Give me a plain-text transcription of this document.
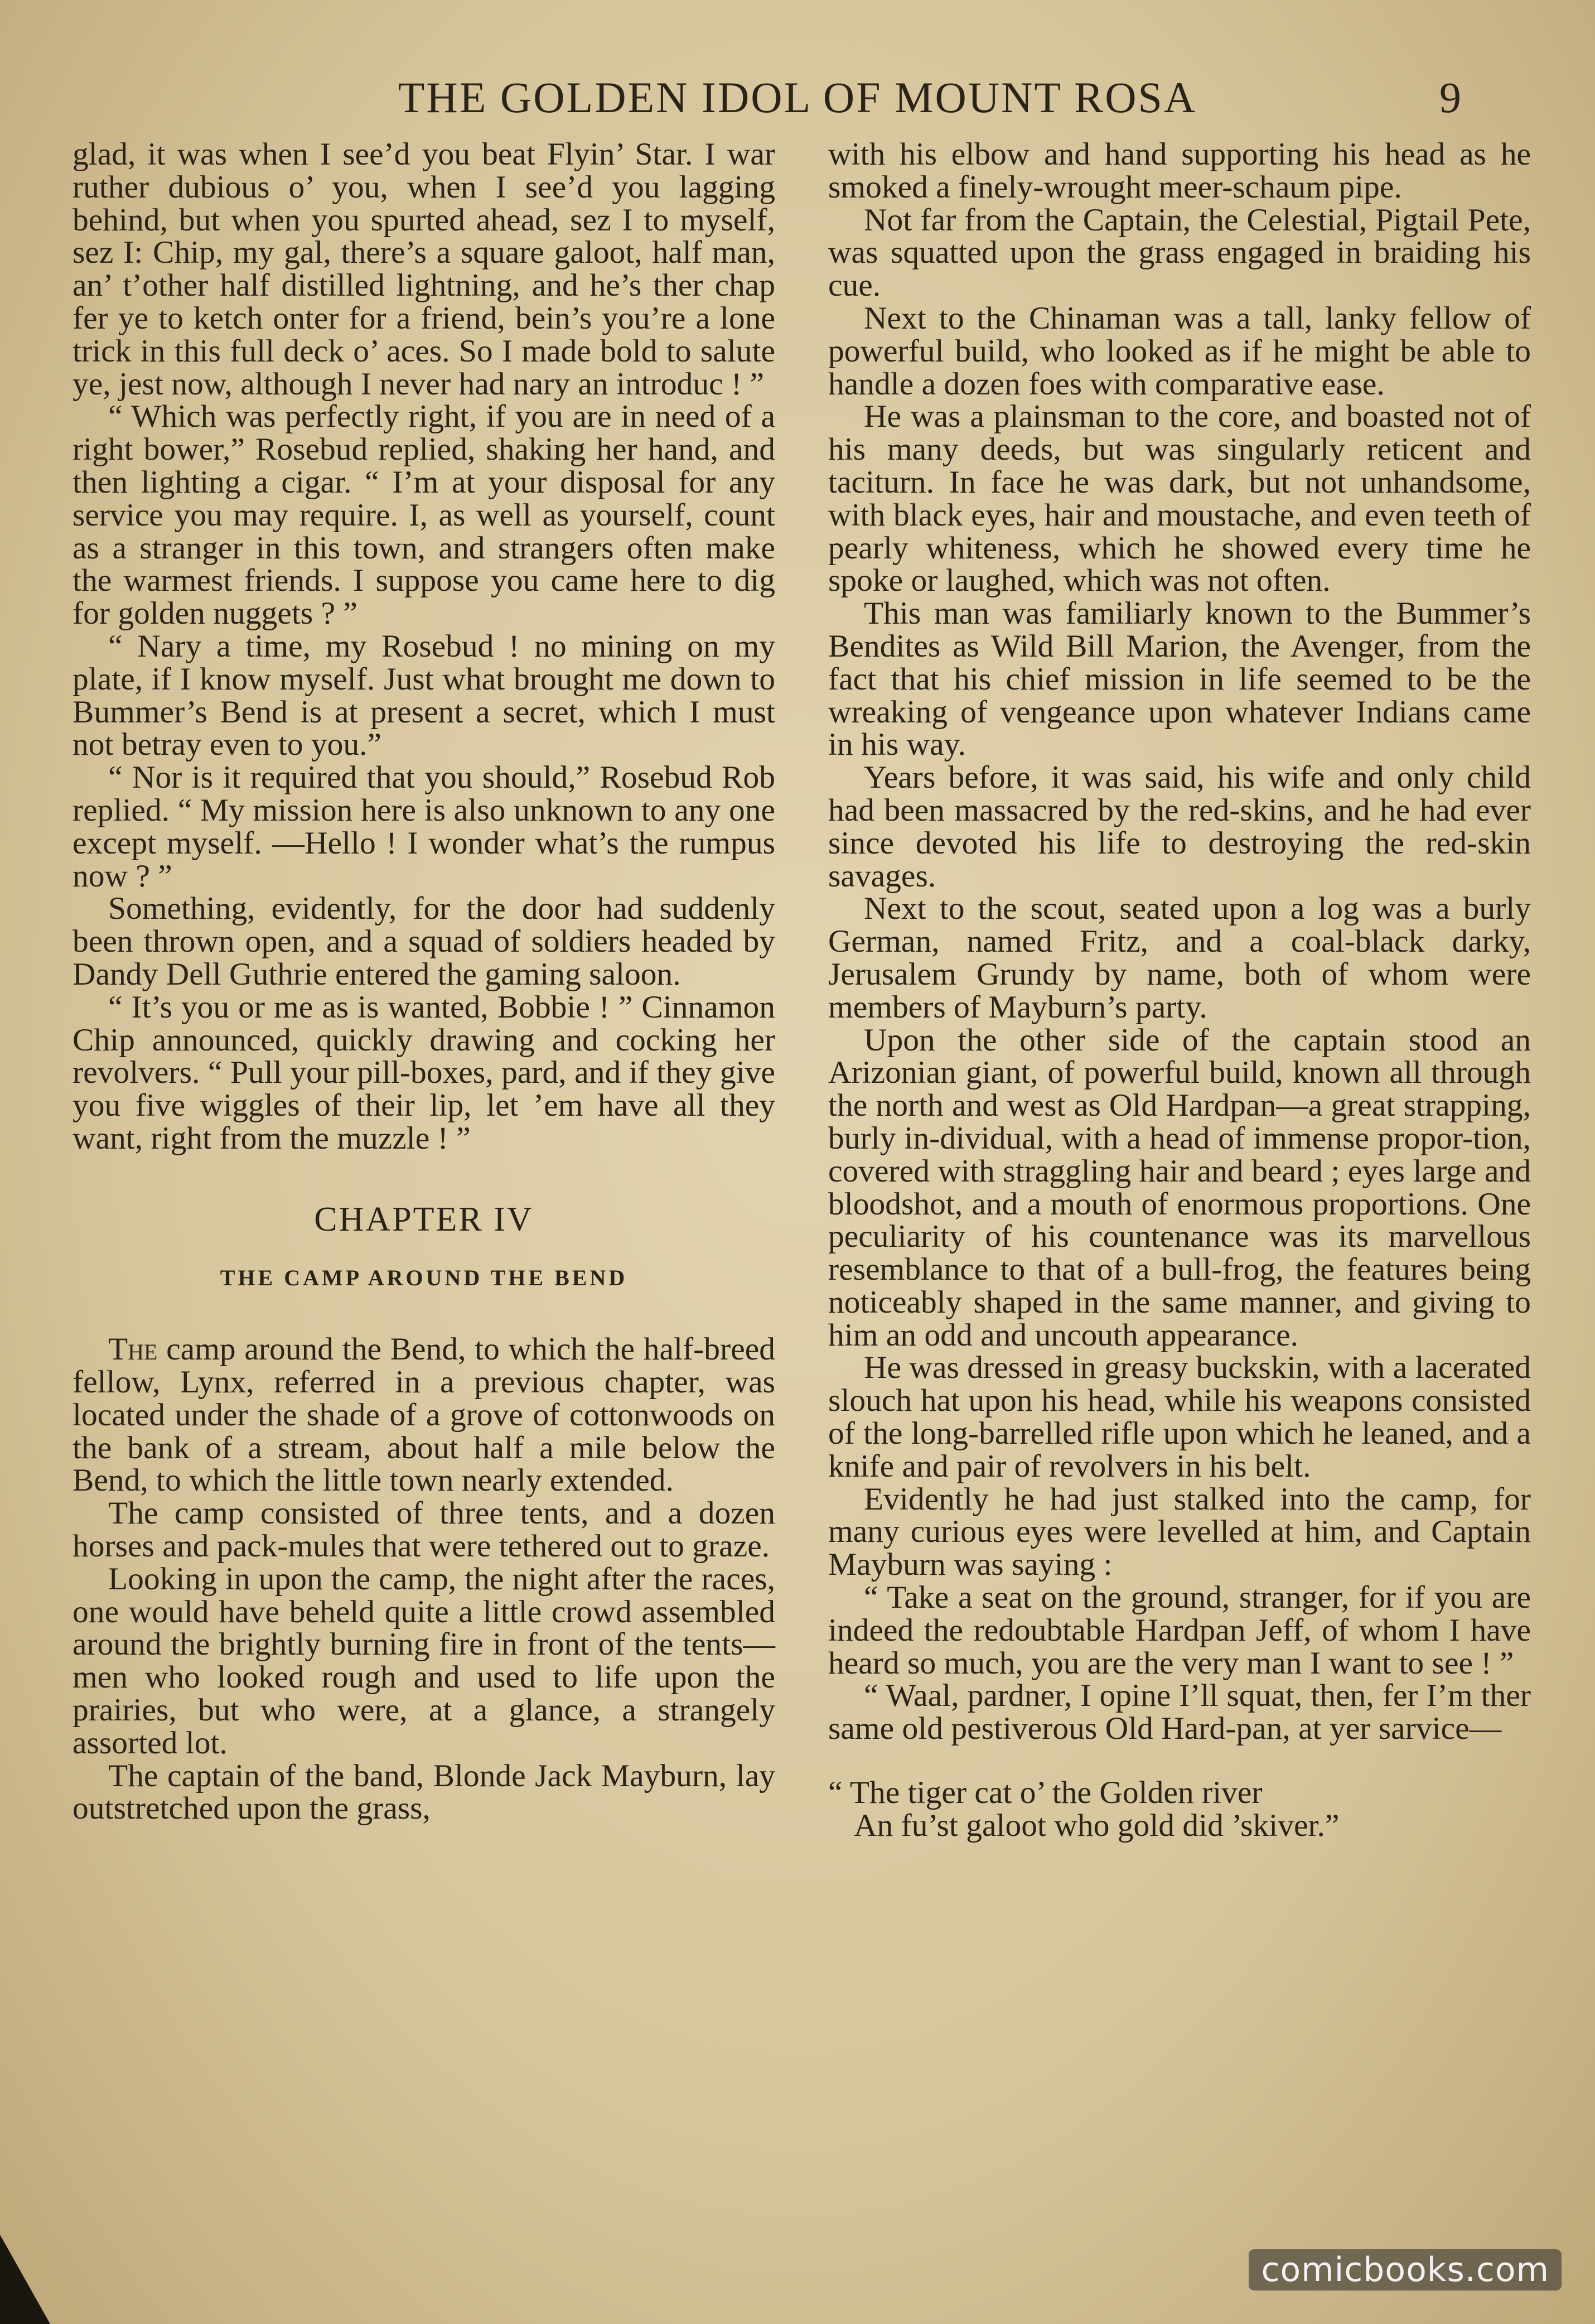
THE GOLDEN IDOL OF MOUNT ROSA	9

glad, it was when I see’d you beat Flyin’ Star. I war ruther dubious o’ you, when I see’d you lagging behind, but when you spurted ahead, sez I to myself, sez I: Chip, my gal, there’s a square galoot, half man, an’ t’other half distilled lightning, and he’s ther chap fer ye to ketch onter for a friend, bein’s you’re a lone trick in this full deck o’ aces. So I made bold to salute ye, jest now, although I never had nary an introduc ! ”

“ Which was perfectly right, if you are in need of a right bower,” Rosebud replied, shaking her hand, and then lighting a cigar. “ I’m at your disposal for any service you may require. I, as well as yourself, count as a stranger in this town, and strangers often make the warmest friends. I suppose you came here to dig for golden nuggets ? ”

“ Nary a time, my Rosebud ! no mining on my plate, if I know myself. Just what brought me down to Bummer’s Bend is at present a secret, which I must not betray even to you.”

“ Nor is it required that you should,” Rosebud Rob replied. “ My mission here is also unknown to any one except myself. —Hello ! I wonder what’s the rumpus now ? ”

Something, evidently, for the door had suddenly been thrown open, and a squad of soldiers headed by Dandy Dell Guthrie entered the gaming saloon.

“ It’s you or me as is wanted, Bobbie ! ” Cinnamon Chip announced, quickly drawing and cocking her revolvers. “ Pull your pill-boxes, pard, and if they give you five wiggles of their lip, let ’em have all they want, right from the muzzle ! ”

CHAPTER IV
THE CAMP AROUND THE BEND

The camp around the Bend, to which the half-breed fellow, Lynx, referred in a previous chapter, was located under the shade of a grove of cottonwoods on the bank of a stream, about half a mile below the Bend, to which the little town nearly extended.

The camp consisted of three tents, and a dozen horses and pack-mules that were tethered out to graze.

Looking in upon the camp, the night after the races, one would have beheld quite a little crowd assembled around the brightly burning fire in front of the tents—men who looked rough and used to life upon the prairies, but who were, at a glance, a strangely assorted lot.

The captain of the band, Blonde Jack Mayburn, lay outstretched upon the grass,

with his elbow and hand supporting his head as he smoked a finely-wrought meer-schaum pipe.

Not far from the Captain, the Celestial, Pigtail Pete, was squatted upon the grass engaged in braiding his cue.

Next to the Chinaman was a tall, lanky fellow of powerful build, who looked as if he might be able to handle a dozen foes with comparative ease.

He was a plainsman to the core, and boasted not of his many deeds, but was singularly reticent and taciturn. In face he was dark, but not unhandsome, with black eyes, hair and moustache, and even teeth of pearly whiteness, which he showed every time he spoke or laughed, which was not often.

This man was familiarly known to the Bummer’s Bendites as Wild Bill Marion, the Avenger, from the fact that his chief mission in life seemed to be the wreaking of vengeance upon whatever Indians came in his way.

Years before, it was said, his wife and only child had been massacred by the red-skins, and he had ever since devoted his life to destroying the red-skin savages.

Next to the scout, seated upon a log was a burly German, named Fritz, and a coal-black darky, Jerusalem Grundy by name, both of whom were members of Mayburn’s party.

Upon the other side of the captain stood an Arizonian giant, of powerful build, known all through the north and west as Old Hardpan—a great strapping, burly in-dividual, with a head of immense propor-tion, covered with straggling hair and beard ; eyes large and bloodshot, and a mouth of enormous proportions. One peculiarity of his countenance was its marvellous resemblance to that of a bull-frog, the features being noticeably shaped in the same manner, and giving to him an odd and uncouth appearance.

He was dressed in greasy buckskin, with a lacerated slouch hat upon his head, while his weapons consisted of the long-barrelled rifle upon which he leaned, and a knife and pair of revolvers in his belt.

Evidently he had just stalked into the camp, for many curious eyes were levelled at him, and Captain Mayburn was saying :

“ Take a seat on the ground, stranger, for if you are indeed the redoubtable Hardpan Jeff, of whom I have heard so much, you are the very man I want to see ! ”

“ Waal, pardner, I opine I’ll squat, then, fer I’m ther same old pestiverous Old Hard-pan, at yer sarvice—

“ The tiger cat o’ the Golden river

An fu’st galoot who gold did ’skiver.”

comicbooks.com
